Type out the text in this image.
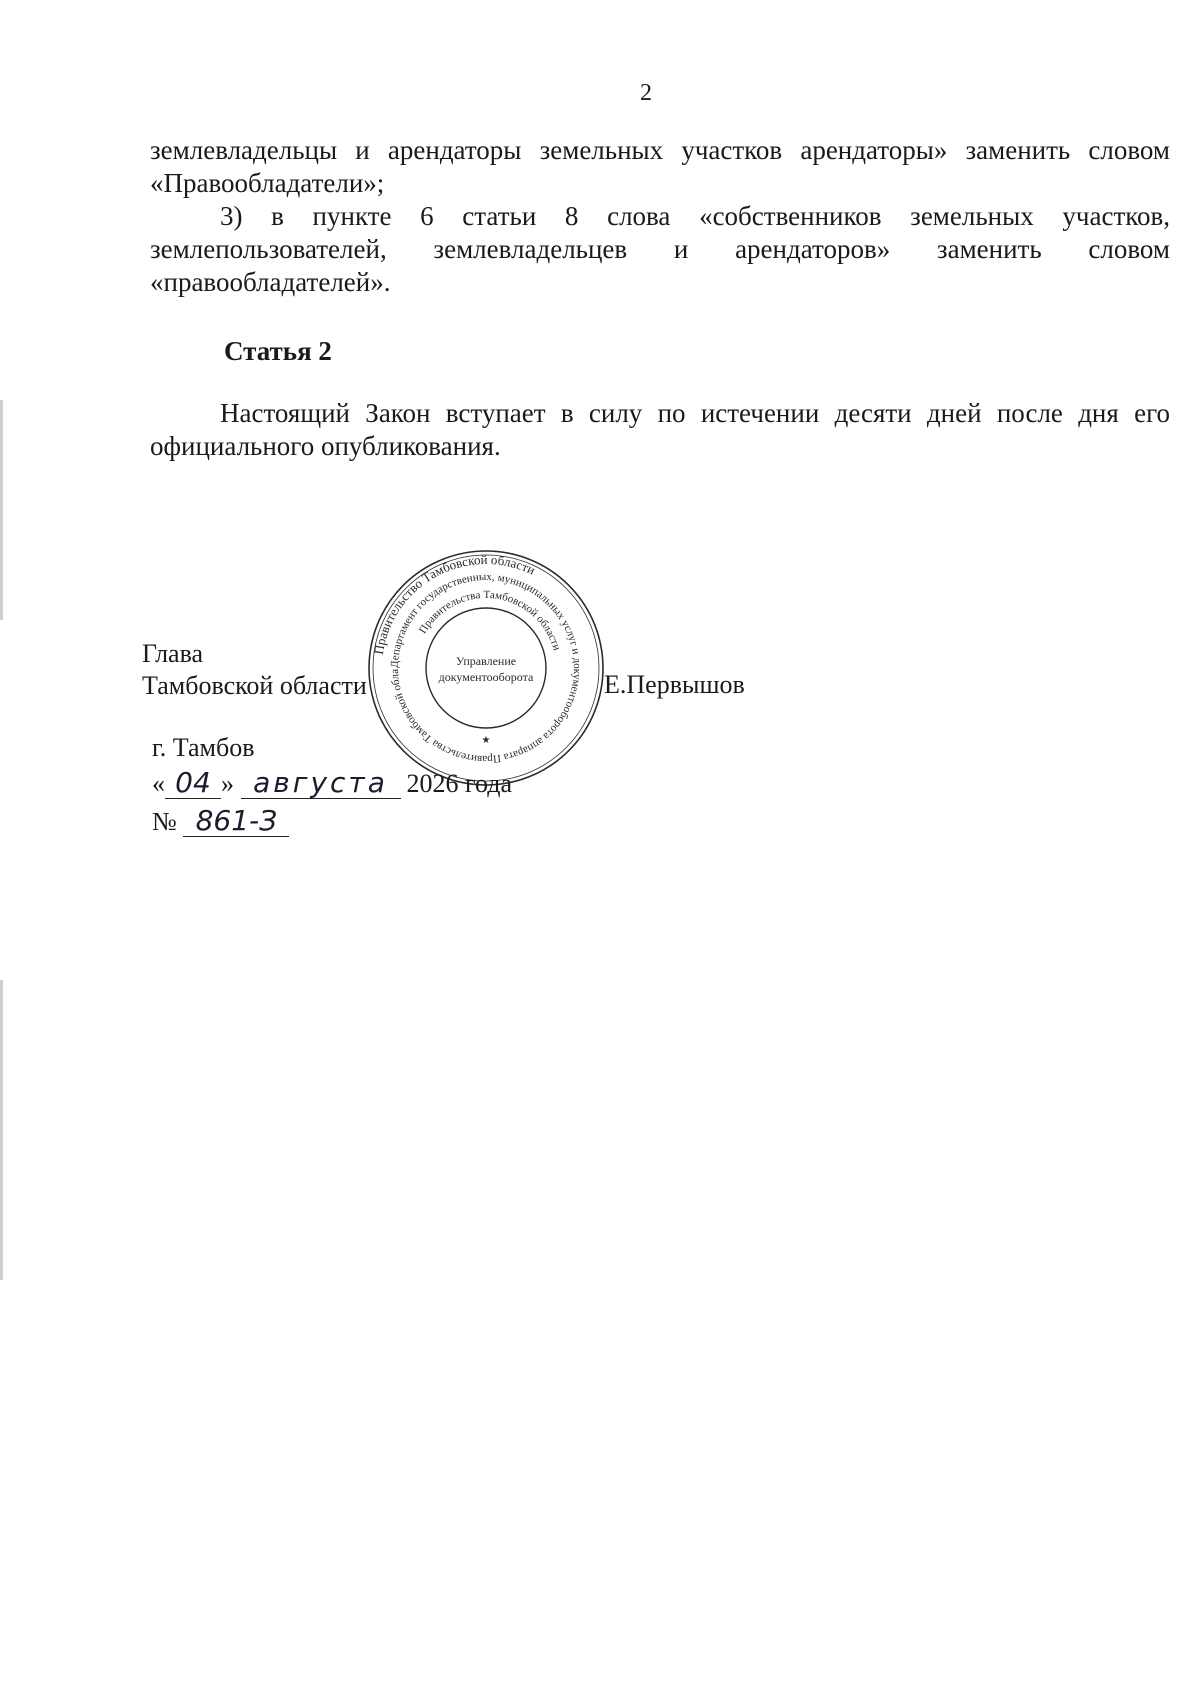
2

землевладельцы и арендаторы земельных участков арендаторы» заменить словом «Правообладатели»;

3) в пункте 6 статьи 8 слова «собственников земельных участков, землепользователей, землевладельцев и арендаторов» заменить словом «правообладателей».

Статья 2

Настоящий Закон вступает в силу по истечении десяти дней после дня его официального опубликования.

Глава
Тамбовской области	Е.Первышов
Правительство Тамбовской области
Департамент государственных, муниципальных услуг и документооборота аппарата Правительства Тамбовской обла
Правительства Тамбовской области
Управление
документооборота
★
г. Тамбов
« 04 » августа 2026 года
№ 861-З
